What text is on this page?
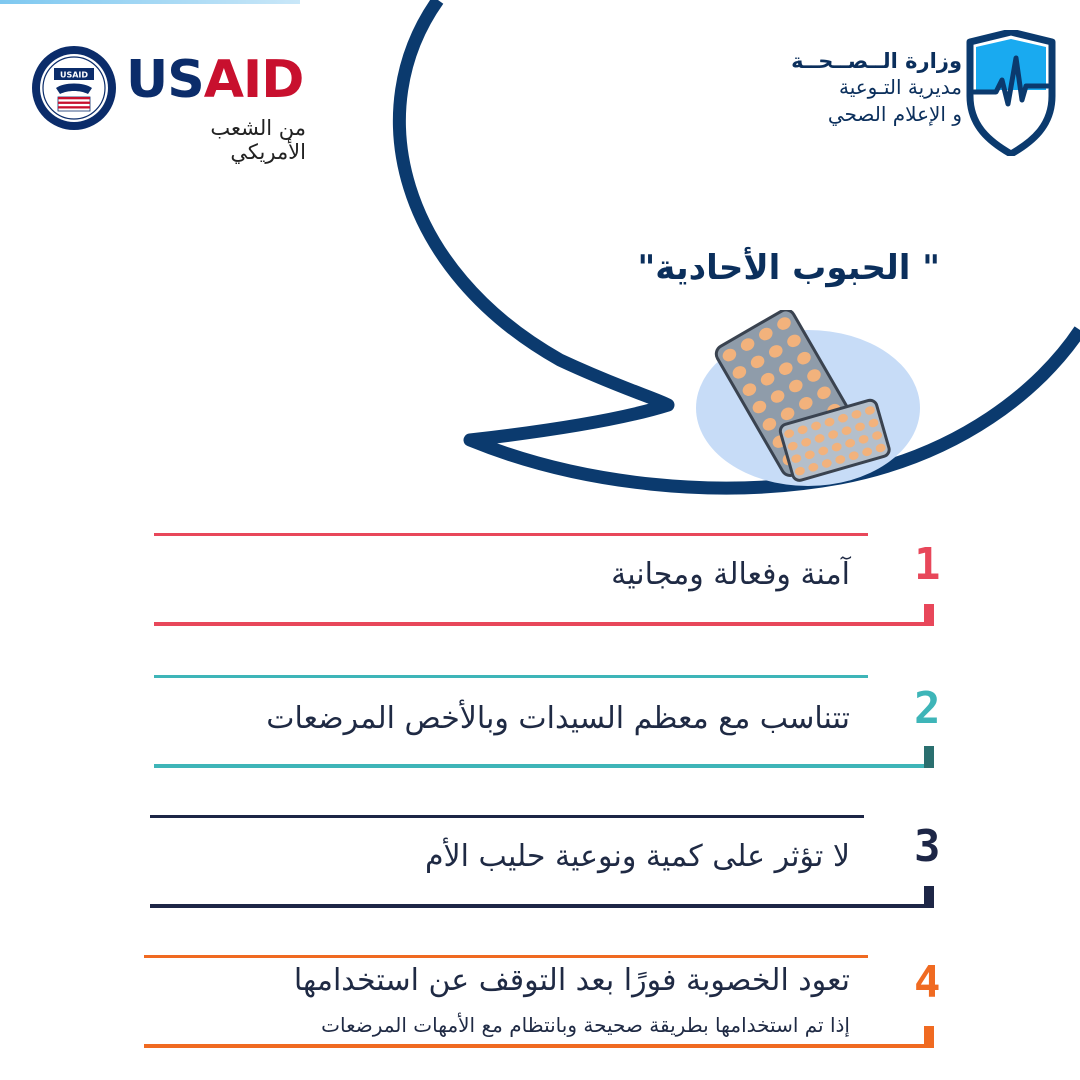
USAID USAID
من الشعب الأمريكي
وزارة الــصــحــة
مديرية التـوعية
و الإعلام الصحي
" الحبوب الأحادية"
1
آمنة وفعالة ومجانية
2
تتناسب مع معظم السيدات وبالأخص المرضعات
3
لا تؤثر على كمية ونوعية حليب الأم
4
تعود الخصوبة فورًا بعد التوقف عن استخدامها
إذا تم استخدامها بطريقة صحيحة وبانتظام مع الأمهات المرضعات
